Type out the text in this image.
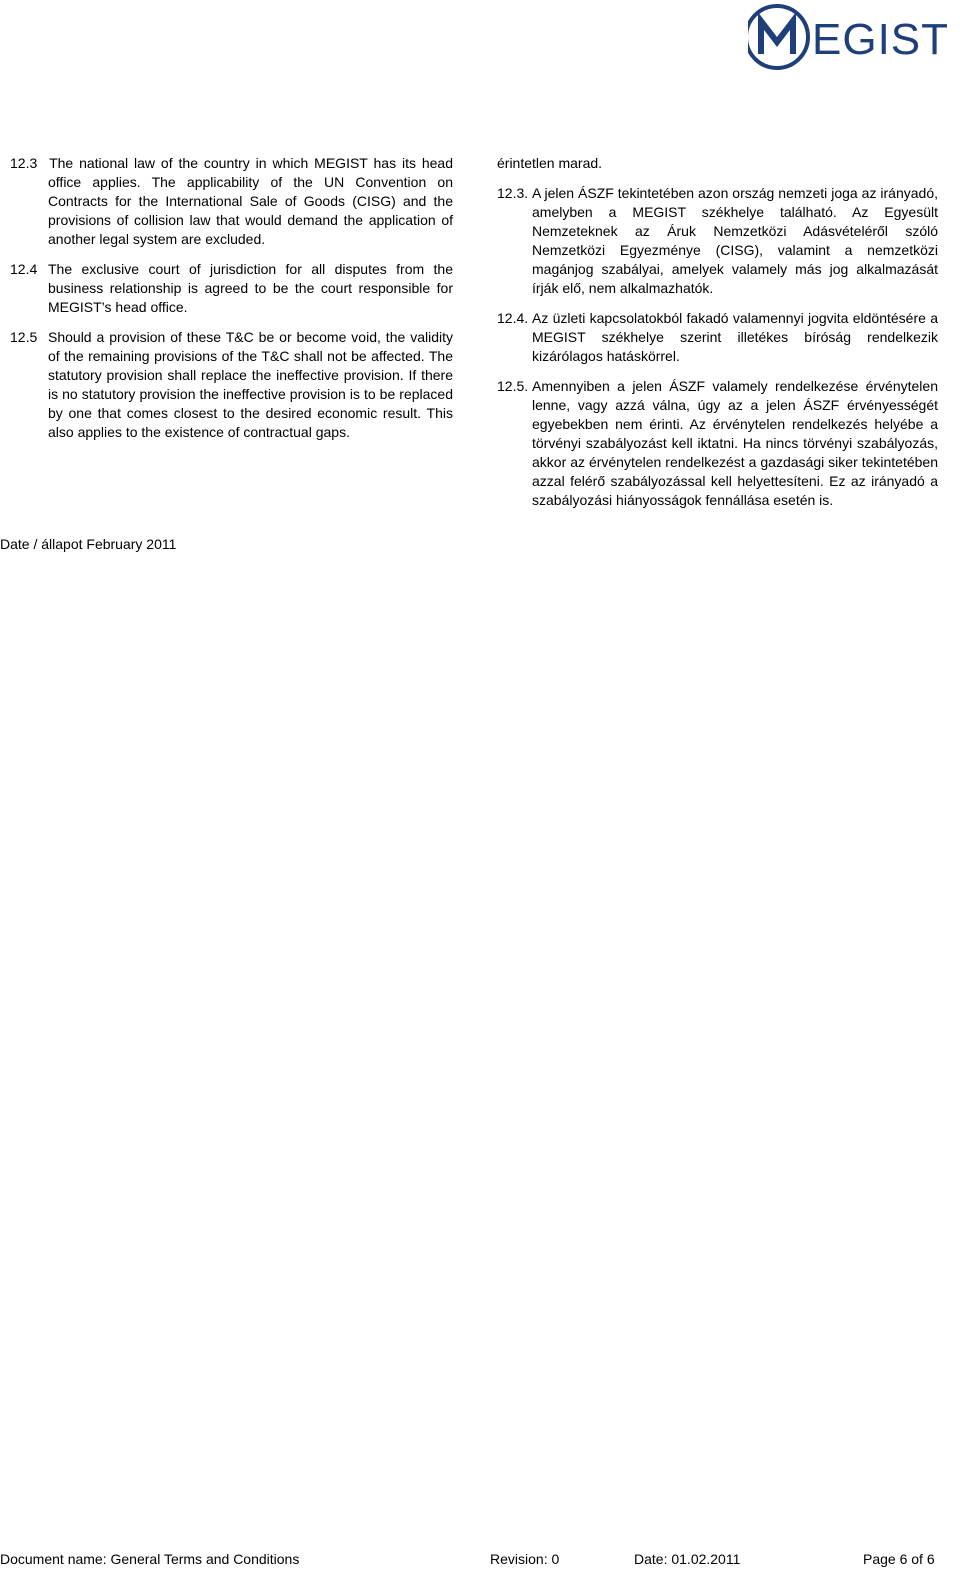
EGIST

12.3 The national law of the country in which MEGIST has its head office applies. The applicability of the UN Convention on Contracts for the International Sale of Goods (CISG) and the provisions of collision law that would demand the application of another legal system are excluded.

12.4 The exclusive court of jurisdiction for all disputes from the business relationship is agreed to be the court responsible for MEGIST’s head office.

12.5 Should a provision of these T&C be or become void, the validity of the remaining provisions of the T&C shall not be affected. The statutory provision shall replace the ineffective provision. If there is no statutory provision the ineffective provision is to be replaced by one that comes closest to the desired economic result. This also applies to the existence of contractual gaps.

érintetlen marad.

12.3. A jelen ÁSZF tekintetében azon ország nemzeti joga az irányadó, amelyben a MEGIST székhelye található. Az Egyesült Nemzeteknek az Áruk Nemzetközi Adásvételéről szóló Nemzetközi Egyezménye (CISG), valamint a nemzetközi magánjog szabályai, amelyek valamely más jog alkalmazását írják elő, nem alkalmazhatók.

12.4. Az üzleti kapcsolatokból fakadó valamennyi jogvita eldöntésére a MEGIST székhelye szerint illetékes bíróság rendelkezik kizárólagos hatáskörrel.

12.5. Amennyiben a jelen ÁSZF valamely rendelkezése érvénytelen lenne, vagy azzá válna, úgy az a jelen ÁSZF érvényességét egyebekben nem érinti. Az érvénytelen rendelkezés helyébe a törvényi szabályozást kell iktatni. Ha nincs törvényi szabályozás, akkor az érvénytelen rendelkezést a gazdasági siker tekintetében azzal felérő szabályozással kell helyettesíteni. Ez az irányadó a szabályozási hiányosságok fennállása esetén is.

Date / állapot February 2011
Document name: General Terms and Conditions	Revision: 0	Date: 01.02.2011	Page 6 of 6
